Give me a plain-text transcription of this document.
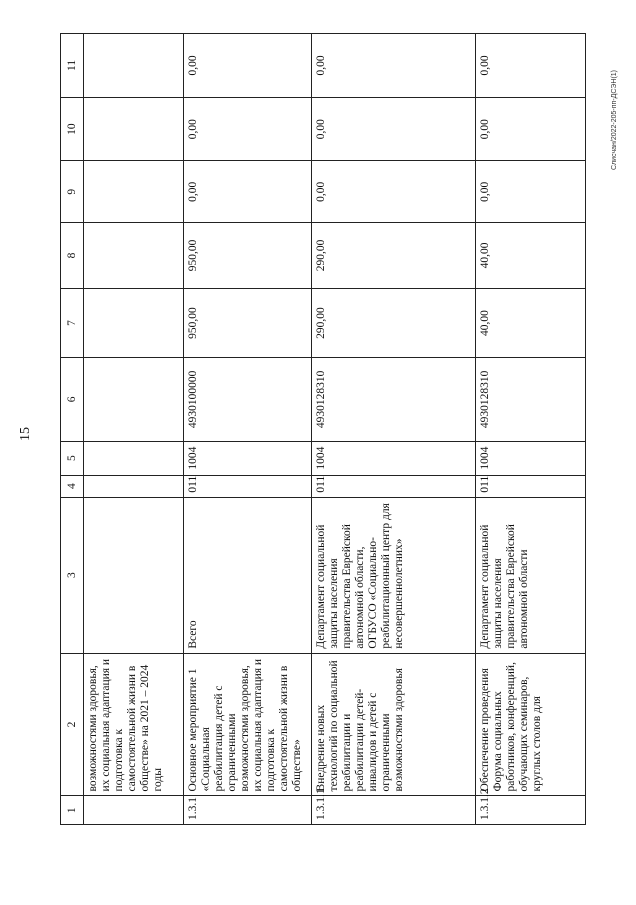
15
Слисчан/2022-205-пп-ДСЭН(1)
1	2	3	4	5	6	7	8	9	10	11
	возможностями здоровья, их социальная адаптация и подготовка к самостоятельной жизни в обществе» на 2021 – 2024 годы									
1.3.1	Основное мероприятие 1 «Социальная реабилитация детей с ограниченными возможностями здоровья, их социальная адаптация и подготовка к самостоятельной жизни в обществе»	Всего	011	1004	4930100000	950,00	950,00	0,00	0,00	0,00
1.3.1.1	Внедрение новых технологий по социальной реабилитации и реабилитации детей-инвалидов и детей с ограниченными возможностями здоровья	Департамент социальной защиты населения правительства Еврейской автономной области, ОГБУСО «Социально-реабилитационный центр для несовершеннолетних»	011	1004	4930128310	290,00	290,00	0,00	0,00	0,00
1.3.1.2	Обеспечение проведения Форума социальных работников, конференций, обучающих семинаров, круглых столов для	Департамент социальной защиты населения правительства Еврейской автономной области	011	1004	4930128310	40,00	40,00	0,00	0,00	0,00
